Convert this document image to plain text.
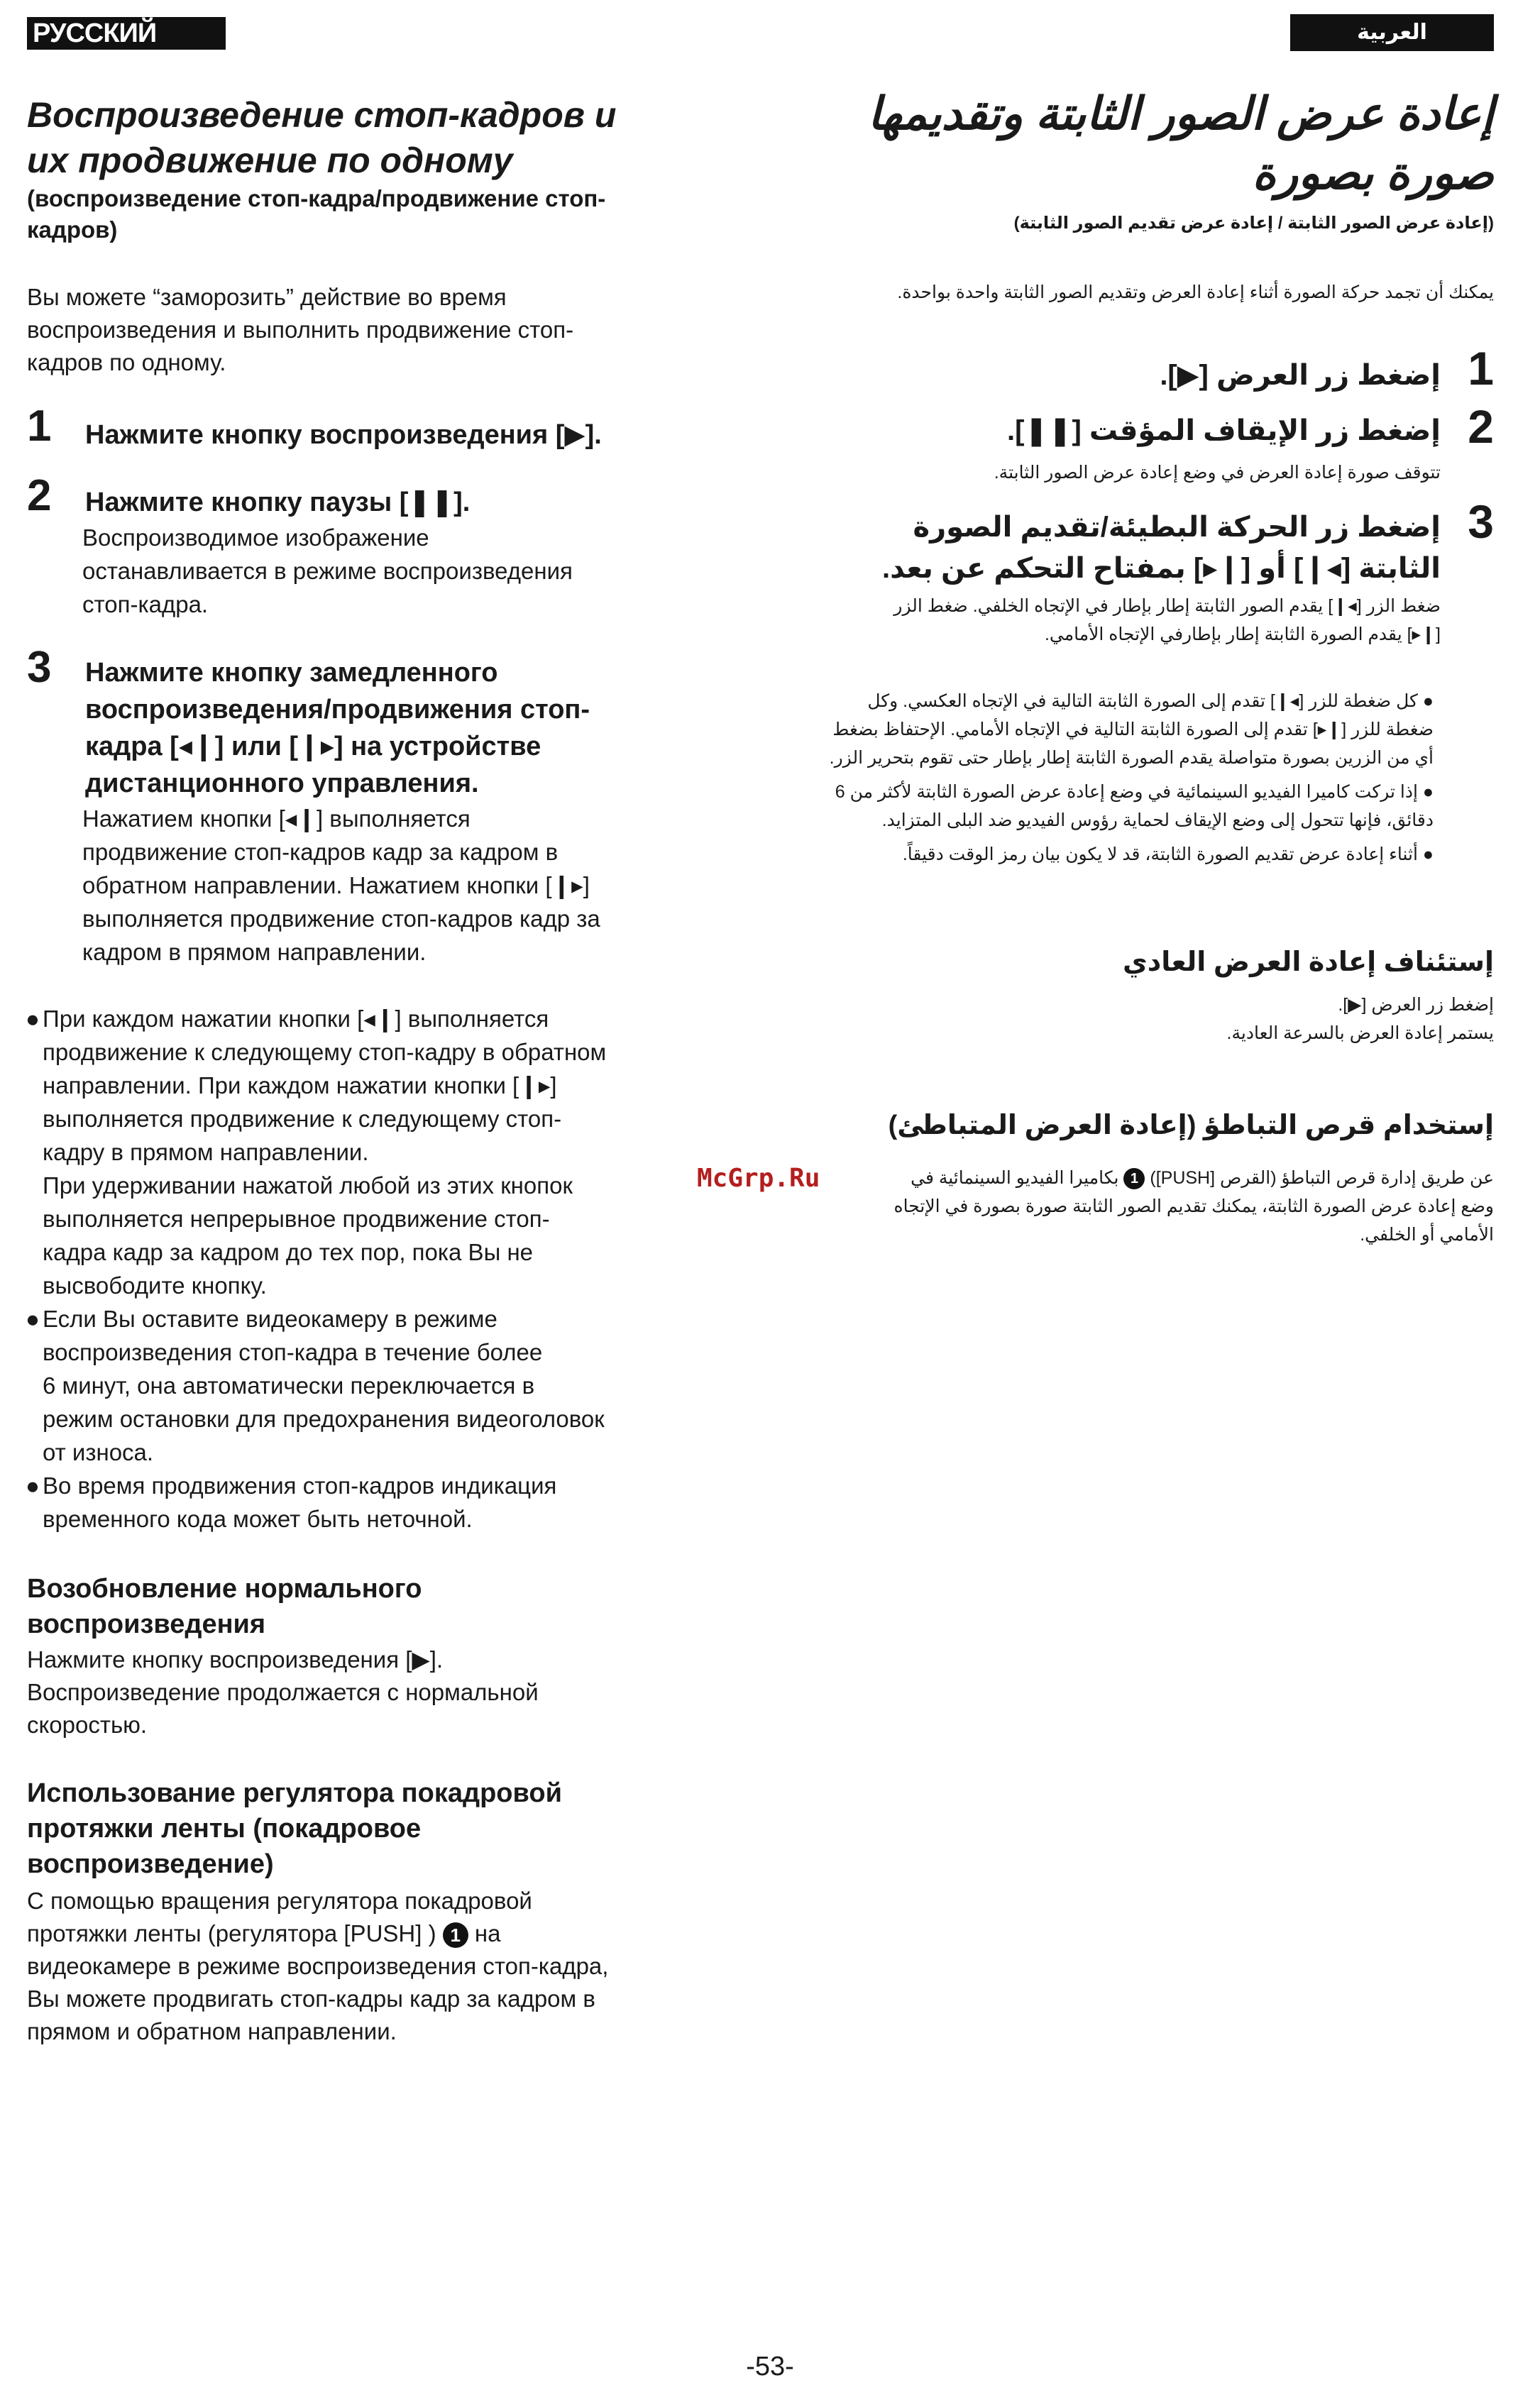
РУССКИЙ ЯЗЫК
العربية
Воспроизведение стоп-кадров и
их продвижение по одному
(воспроизведение стоп-кадра/продвижение стоп-
кадров)
Вы можете “заморозить” действие во время
воспроизведения и выполнить продвижение стоп-
кадров по одному.
1 Нажмите кнопку воспроизведения [▶].
2 Нажмите кнопку паузы [❚❚].
Воспроизводимое изображение
останавливается в режиме воспроизведения
стоп-кадра.
3 Нажмите кнопку замедленного
воспроизведения/продвижения стоп-
кадра [◂❙] или [❙▸] на устройстве
дистанционного управления.
Нажатием кнопки [◂❙] выполняется
продвижение стоп-кадров кадр за кадром в
обратном направлении. Нажатием кнопки [❙▸]
выполняется продвижение стоп-кадров кадр за
кадром в прямом направлении.
● При каждом нажатии кнопки [◂❙] выполняется
продвижение к следующему стоп-кадру в обратном
направлении. При каждом нажатии кнопки [❙▸]
выполняется продвижение к следующему стоп-
кадру в прямом направлении.
При удерживании нажатой любой из этих кнопок
выполняется непрерывное продвижение стоп-
кадра кадр за кадром до тех пор, пока Вы не
высвободите кнопку.
● Если Вы оставите видеокамеру в режиме
воспроизведения стоп-кадра в течение более
6 минут, она автоматически переключается в
режим остановки для предохранения видеоголовок
от износа.
● Во время продвижения стоп-кадров индикация
временного кода может быть неточной.
Возобновление нормального
воспроизведения
Нажмите кнопку воспроизведения [▶].
Воспроизведение продолжается с нормальной
скоростью.
Использование регулятора покадровой
протяжки ленты (покадровое
воспроизведение)
С помощью вращения регулятора покадровой
протяжки ленты (регулятора [PUSH] ) 1 на
видеокамере в режиме воспроизведения стоп-кадра,
Вы можете продвигать стоп-кадры кадр за кадром в
прямом и обратном направлении.
إعادة عرض الصور الثابتة وتقديمها
صورة بصورة
(إعادة عرض الصور الثابتة / إعادة عرض تقديم الصور الثابتة)
يمكنك أن تجمد حركة الصورة أثناء إعادة العرض وتقديم الصور الثابتة واحدة بواحدة.
1
إضغط زر العرض [▶].
2
إضغط زر الإيقاف المؤقت [❚❚].
تتوقف صورة إعادة العرض في وضع إعادة عرض الصور الثابتة.
3
إضغط زر الحركة البطيئة/تقديم الصورة
الثابتة [◂❙] أو [❙▸] بمفتاح التحكم عن بعد.
ضغط الزر [◂❙] يقدم الصور الثابتة إطار بإطار في الإتجاه الخلفي. ضغط الزر
[❙▸] يقدم الصورة الثابتة إطار بإطارفي الإتجاه الأمامي.

● كل ضغطة للزر [◂❙] تقدم إلى الصورة الثابتة التالية في الإتجاه العكسي. وكل ضغطة للزر [❙▸] تقدم إلى الصورة الثابتة التالية في الإتجاه الأمامي. الإحتفاظ بضغط أي من الزرين بصورة متواصلة يقدم الصورة الثابتة إطار بإطار حتى تقوم بتحرير الزر.

● إذا تركت كاميرا الفيديو السينمائية في وضع إعادة عرض الصورة الثابتة لأكثر من 6 دقائق، فإنها تتحول إلى وضع الإيقاف لحماية رؤوس الفيديو ضد البلى المتزايد.

● أثناء إعادة عرض تقديم الصورة الثابتة، قد لا يكون بيان رمز الوقت دقيقاً.

إستئناف إعادة العرض العادي
إضغط زر العرض [▶].
يستمر إعادة العرض بالسرعة العادية.
إستخدام قرص التباطؤ (إعادة العرض المتباطئ)
عن طريق إدارة قرص التباطؤ (القرص [PUSH]) 1 بكاميرا الفيديو السينمائية في
وضع إعادة عرض الصورة الثابتة، يمكنك تقديم الصور الثابتة صورة بصورة في الإتجاه
الأمامي أو الخلفي.
McGrp.Ru
-53-
